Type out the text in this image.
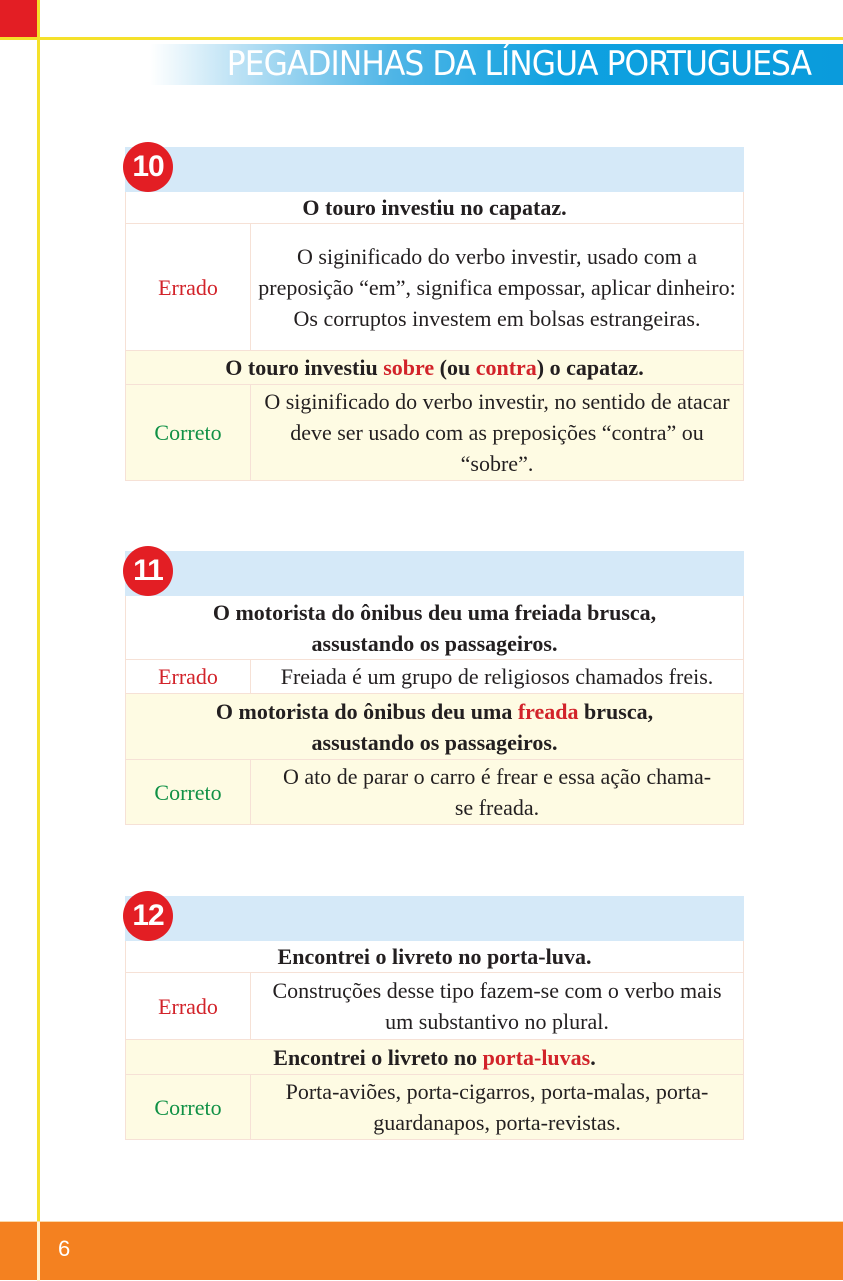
PEGADINHAS DA LÍNGUA PORTUGUESA
10
O touro investiu no capataz.
Errado
O siginificado do verbo investir, usado com a preposição “em”, significa empossar, aplicar dinheiro: Os corruptos investem em bolsas estrangeiras.
O touro investiu sobre (ou contra) o capataz.
Correto
O siginificado do verbo investir, no sentido de atacar deve ser usado com as preposições “contra” ou “sobre”.
11
O motorista do ônibus deu uma freiada brusca, assustando os passageiros.
Errado	Freiada é um grupo de religiosos chamados freis.
O motorista do ônibus deu uma freada brusca, assustando os passageiros.
Correto
O ato de parar o carro é frear e essa ação chama-se freada.
12
Encontrei o livreto no porta-luva.
Errado
Construções desse tipo fazem-se com o verbo mais um substantivo no plural.
Encontrei o livreto no porta-luvas.
Correto
Porta-aviões, porta-cigarros, porta-malas, porta-guardanapos, porta-revistas.
6
